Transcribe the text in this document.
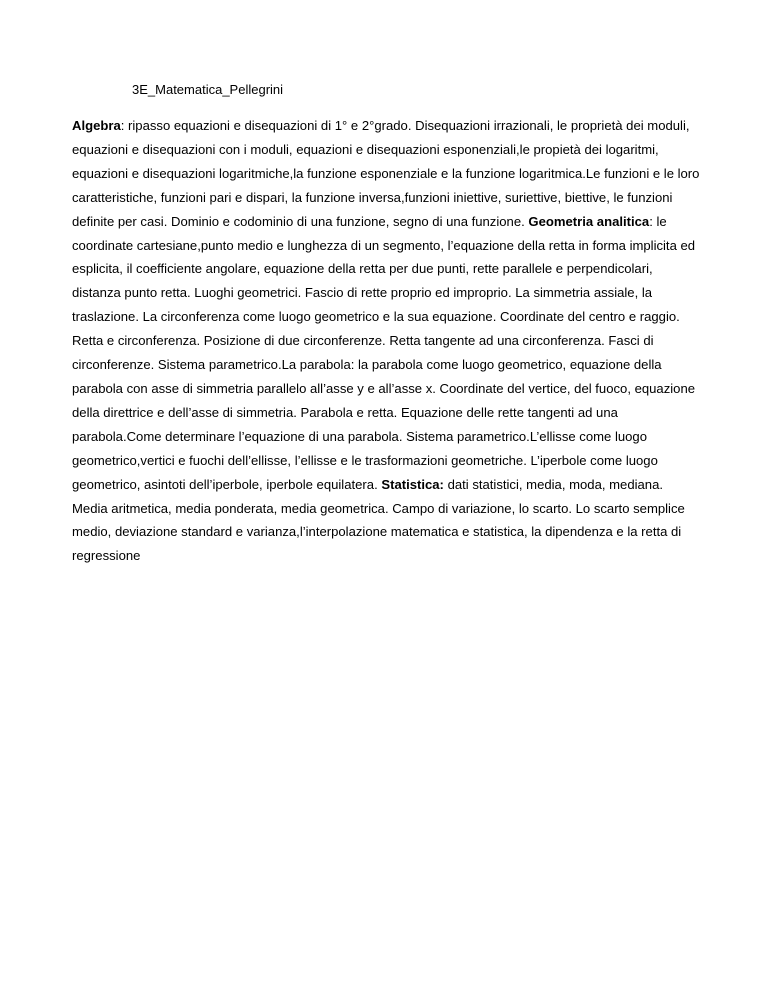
3E_Matematica_Pellegrini
Algebra: ripasso equazioni e disequazioni di 1° e 2°grado. Disequazioni irrazionali, le proprietà dei moduli, equazioni e disequazioni con i moduli, equazioni e disequazioni esponenziali,le propietà dei logaritmi, equazioni e disequazioni logaritmiche,la funzione esponenziale e la funzione logaritmica.Le funzioni e le loro caratteristiche, funzioni pari e dispari, la funzione inversa,funzioni iniettive, suriettive, biettive, le funzioni definite per casi. Dominio e codominio di una funzione, segno di una funzione. Geometria analitica: le coordinate cartesiane,punto medio e lunghezza di un segmento, l’equazione della retta in forma implicita ed esplicita, il coefficiente angolare, equazione della retta per due punti, rette parallele e perpendicolari, distanza punto retta. Luoghi geometrici. Fascio di rette proprio ed improprio. La simmetria assiale, la traslazione. La circonferenza come luogo geometrico e la sua equazione. Coordinate del centro e raggio. Retta e circonferenza. Posizione di due circonferenze. Retta tangente ad una circonferenza. Fasci di circonferenze. Sistema parametrico.La parabola: la parabola come luogo geometrico, equazione della parabola con asse di simmetria parallelo all’asse y e all’asse x. Coordinate del vertice, del fuoco, equazione della direttrice e dell’asse di simmetria. Parabola e retta. Equazione delle rette tangenti ad una parabola.Come determinare l’equazione di una parabola. Sistema parametrico.L’ellisse come luogo geometrico,vertici e fuochi dell’ellisse, l’ellisse e le trasformazioni geometriche. L’iperbole come luogo geometrico, asintoti dell’iperbole, iperbole equilatera. Statistica: dati statistici, media, moda, mediana. Media aritmetica, media ponderata, media geometrica. Campo di variazione, lo scarto. Lo scarto semplice medio, deviazione standard e varianza,l’interpolazione matematica e statistica, la dipendenza e la retta di regressione
